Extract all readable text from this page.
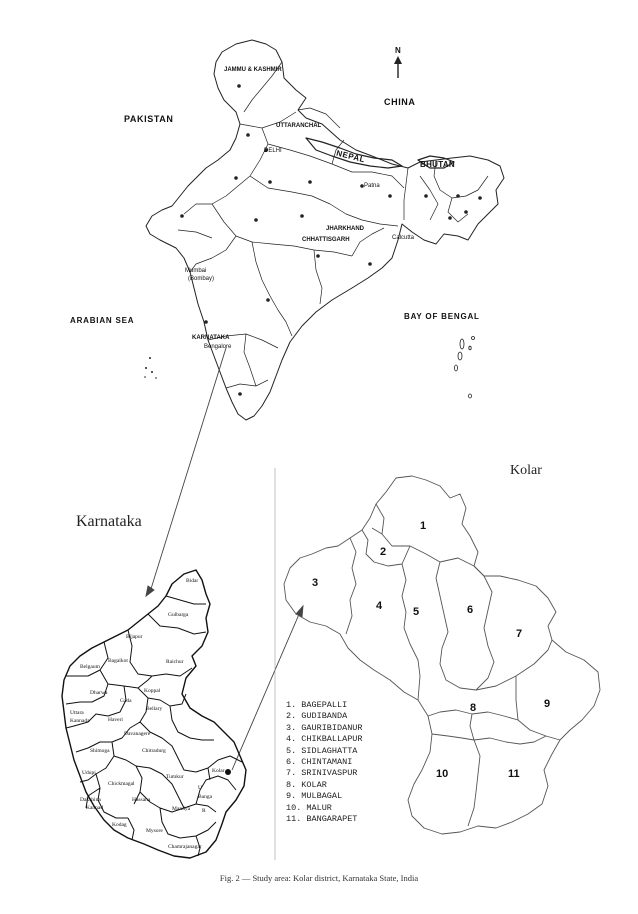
N
PAKISTAN
CHINA
NEPAL
BHUTAN
ARABIAN SEA	BAY OF BENGAL
JAMMU & KASHMIR
UTTARANCHAL
DELHI
Patna
JHARKHAND
CHHATTISGARH	Calcutta
Mumbai
(Bombay)
KARNATAKA
Bengalore
Karnataka
Bidar
Gulbarga
Bijapur
Belgaum
Bagalkot	Raichur
Dharwa
Gada
Koppal
Uttara
Kannada	Haveri
Bellary
Davanagere
Shimoga	Chitradurg
Udupi
Chickmagal
Tumkur
Kolar
Dakshina
Kannad
Hassana
Mandya
Kodag
Mysore
Chamrajanagar
Banga
R
U
Kolar
1
2
3
4	5	6
7
8	9
10	11
1. BAGEPALLI
2. GUDIBANDA
3. GAURIBIDANUR
4. CHIKBALLAPUR
5. SIDLAGHATTA
6. CHINTAMANI
7. SRINIVASPUR
8. KOLAR
9. MULBAGAL
10. MALUR
11. BANGARAPET
Fig. 2 — Study area: Kolar district, Karnataka State, India
